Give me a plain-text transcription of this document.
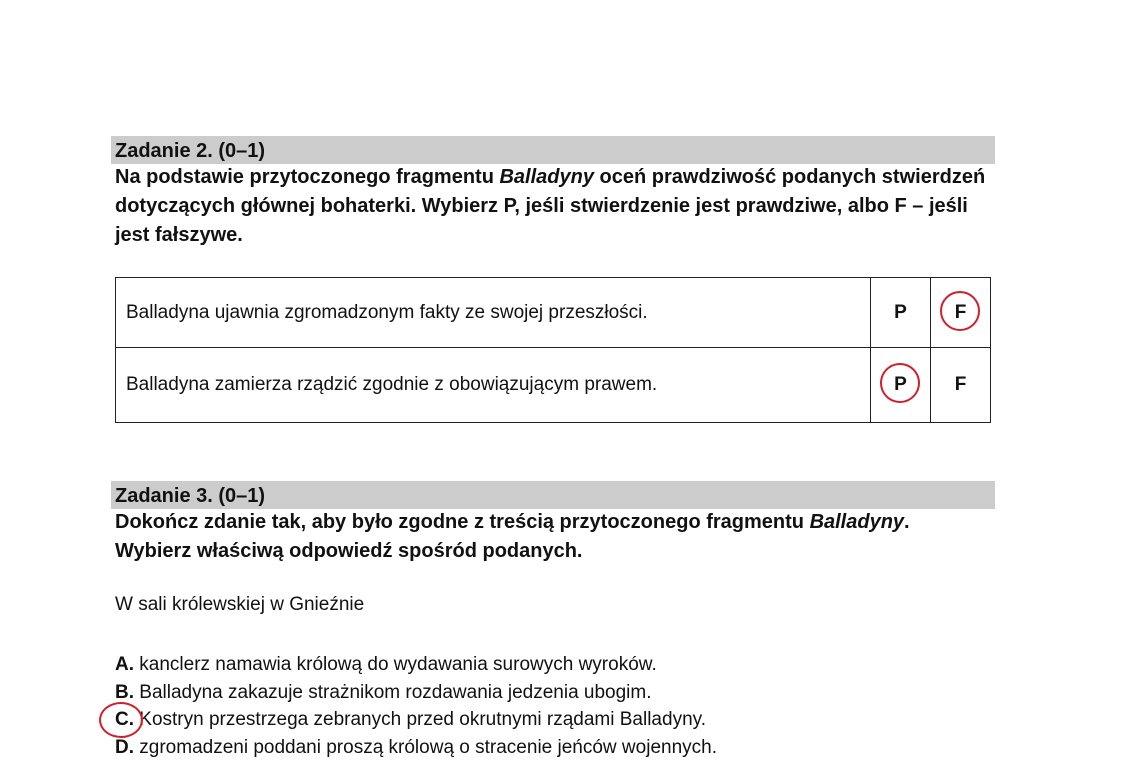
Zadanie 2. (0–1)
Na podstawie przytoczonego fragmentu Balladyny oceń prawdziwość podanych stwierdzeń dotyczących głównej bohaterki. Wybierz P, jeśli stwierdzenie jest prawdziwe, albo F – jeśli jest fałszywe.
Balladyna ujawnia zgromadzonym fakty ze swojej przeszłości.	P	F

Balladyna zamierza rządzić zgodnie z obowiązującym prawem.	P	F
Zadanie 3. (0–1)
Dokończ zdanie tak, aby było zgodne z treścią przytoczonego fragmentu Balladyny.
Wybierz właściwą odpowiedź spośród podanych.
W sali królewskiej w Gnieźnie
A. kanclerz namawia królową do wydawania surowych wyroków.
B. Balladyna zakazuje strażnikom rozdawania jedzenia ubogim.
C. Kostryn przestrzega zebranych przed okrutnymi rządami Balladyny.
D. zgromadzeni poddani proszą królową o stracenie jeńców wojennych.
